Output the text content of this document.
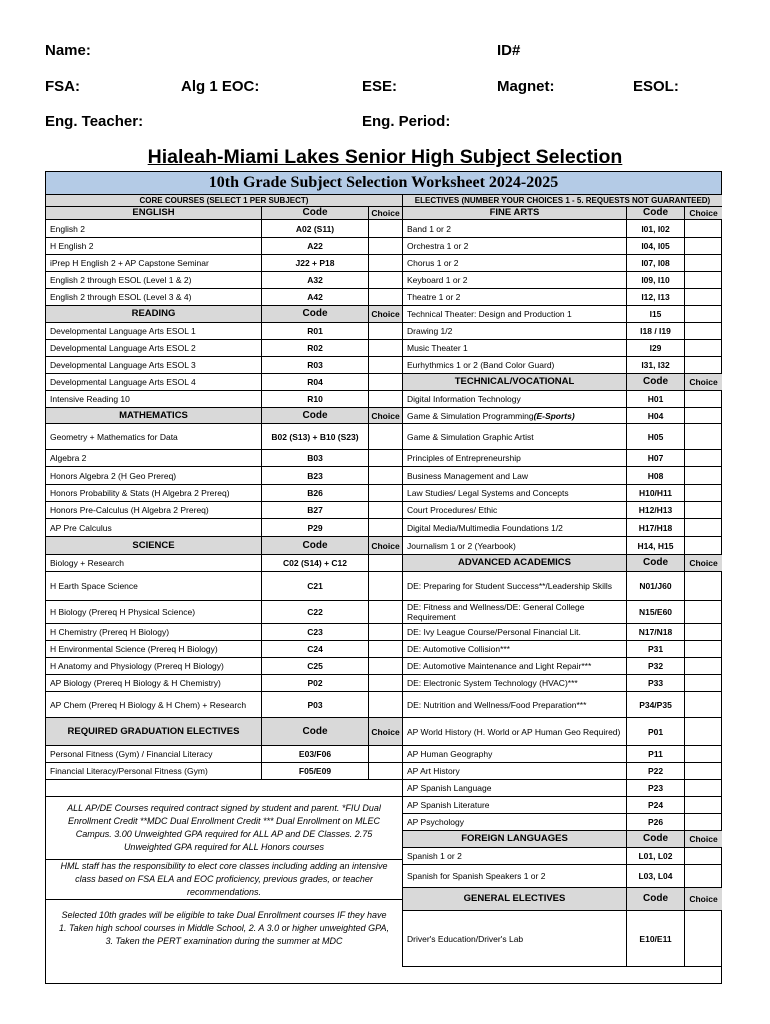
Name:	ID#
FSA:	Alg 1 EOC:	ESE:	Magnet:	ESOL:
Eng. Teacher:	Eng. Period:
Hialeah-Miami Lakes Senior High Subject Selection
10th Grade Subject Selection Worksheet 2024-2025
CORE COURSES (SELECT 1 PER SUBJECT)
ENGLISH	Code	Choice
English 2	A02 (S11)
H English 2	A22
iPrep H English 2 + AP Capstone Seminar	J22 + P18
English 2 through ESOL (Level 1 & 2)	A32
English 2 through ESOL (Level 3 & 4)	A42
READING	Code	Choice
Developmental Language Arts ESOL 1	R01
Developmental Language Arts ESOL 2	R02
Developmental Language Arts ESOL 3	R03
Developmental Language Arts ESOL 4	R04
Intensive Reading 10	R10
MATHEMATICS	Code	Choice
Geometry + Mathematics for Data	B02 (S13) + B10 (S23)
Algebra 2	B03
Honors Algebra 2 (H Geo Prereq)	B23
Honors Probability & Stats (H Algebra 2 Prereq)	B26
Honors Pre-Calculus (H Algebra 2 Prereq)	B27
AP Pre Calculus	P29
SCIENCE	Code	Choice
Biology + Research	C02 (S14) + C12
H Earth Space Science	C21
H Biology (Prereq H Physical Science)	C22
H Chemistry (Prereq H Biology)	C23
H Environmental Science (Prereq H Biology)	C24
H Anatomy and Physiology (Prereq H Biology)	C25
AP Biology (Prereq H Biology & H Chemistry)	P02
AP Chem (Prereq H Biology & H Chem) + Research	P03
REQUIRED GRADUATION ELECTIVES	Code	Choice
Personal Fitness (Gym) / Financial Literacy	E03/F06
Financial Literacy/Personal Fitness (Gym)	F05/E09
ALL AP/DE Courses required contract signed by student and parent. *FIU Dual Enrollment Credit **MDC Dual Enrollment Credit *** Dual Enrollment on MLEC Campus. 3.00 Unweighted GPA required for ALL AP and DE Classes. 2.75 Unweighted GPA required for ALL Honors courses
HML staff has the responsibility to elect core classes including adding an intensive class based on FSA ELA and EOC proficiency, previous grades, or teacher recommendations.
Selected 10th grades will be eligible to take Dual Enrollment courses IF they have 1. Taken high school courses in Middle School, 2. A 3.0 or higher unweighted GPA, 3. Taken the PERT examination during the summer at MDC
ELECTIVES (NUMBER YOUR CHOICES 1 - 5. REQUESTS NOT GUARANTEED)
FINE ARTS	Code	Choice
Band 1 or 2	I01, I02
Orchestra 1 or 2	I04, I05
Chorus 1 or 2	I07, I08
Keyboard 1 or 2	I09, I10
Theatre 1 or 2	I12, I13
Technical Theater: Design and Production 1	I15
Drawing 1/2	I18 / I19
Music Theater 1	I29
Eurhythmics 1 or 2 (Band Color Guard)	I31, I32
TECHNICAL/VOCATIONAL	Code	Choice
Digital Information Technology	H01
Game & Simulation Programming (E-Sports)	H04
Game & Simulation Graphic Artist	H05
Principles of Entrepreneurship	H07
Business Management and Law	H08
Law Studies/ Legal Systems and Concepts	H10/H11
Court Procedures/ Ethic	H12/H13
Digital Media/Multimedia Foundations 1/2	H17/H18
Journalism 1 or 2 (Yearbook)	H14, H15
ADVANCED ACADEMICS	Code	Choice
DE: Preparing for Student Success**/Leadership Skills	N01/J60
DE: Fitness and Wellness/DE: General College Requirement	N15/E60
DE: Ivy League Course/Personal Financial Lit.	N17/N18
DE: Automotive Collision***	P31
DE: Automotive Maintenance and Light Repair***	P32
DE: Electronic System Technology (HVAC)***	P33
DE: Nutrition and Wellness/Food Preparation***	P34/P35
AP World History (H. World or AP Human Geo Required)	P01
AP Human Geography	P11
AP Art History	P22
AP Spanish Language	P23
AP Spanish Literature	P24
AP Psychology	P26
FOREIGN LANGUAGES	Code	Choice
Spanish 1 or 2	L01, L02
Spanish for Spanish Speakers 1 or 2	L03, L04
GENERAL ELECTIVES	Code	Choice
Driver's Education/Driver's Lab	E10/E11
